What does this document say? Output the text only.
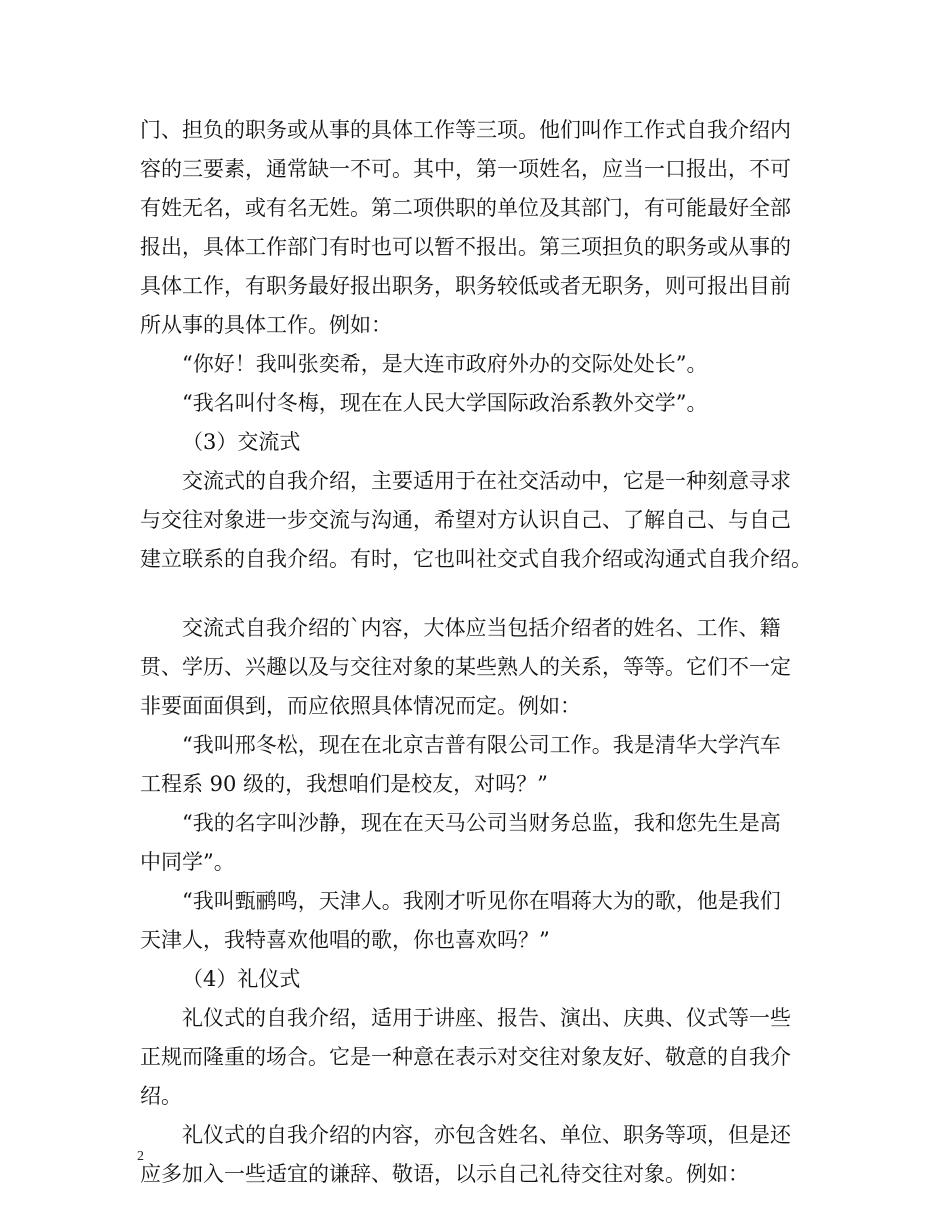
门、担负的职务或从事的具体工作等三项。他们叫作工作式自我介绍内
容的三要素，通常缺一不可。其中，第一项姓名，应当一口报出，不可
有姓无名，或有名无姓。第二项供职的单位及其部门，有可能最好全部
报出，具体工作部门有时也可以暂不报出。第三项担负的职务或从事的
具体工作，有职务最好报出职务，职务较低或者无职务，则可报出目前
所从事的具体工作。例如：
“你好！我叫张奕希，是大连市政府外办的交际处处长”。
“我名叫付冬梅，现在在人民大学国际政治系教外交学”。
（3）交流式
交流式的自我介绍，主要适用于在社交活动中，它是一种刻意寻求
与交往对象进一步交流与沟通，希望对方认识自己、了解自己、与自己
建立联系的自我介绍。有时，它也叫社交式自我介绍或沟通式自我介绍。
交流式自我介绍的`内容，大体应当包括介绍者的姓名、工作、籍
贯、学历、兴趣以及与交往对象的某些熟人的关系，等等。它们不一定
非要面面俱到，而应依照具体情况而定。例如：
“我叫邢冬松，现在在北京吉普有限公司工作。我是清华大学汽车
工程系 90 级的，我想咱们是校友，对吗？”
“我的名字叫沙静，现在在天马公司当财务总监，我和您先生是高
中同学”。
“我叫甄鹂鸣，天津人。我刚才听见你在唱蒋大为的歌，他是我们
天津人，我特喜欢他唱的歌，你也喜欢吗？”
（4）礼仪式
礼仪式的自我介绍，适用于讲座、报告、演出、庆典、仪式等一些
正规而隆重的场合。它是一种意在表示对交往对象友好、敬意的自我介
绍。
礼仪式的自我介绍的内容，亦包含姓名、单位、职务等项，但是还
应多加入一些适宜的谦辞、敬语，以示自己礼待交往对象。例如：
2
